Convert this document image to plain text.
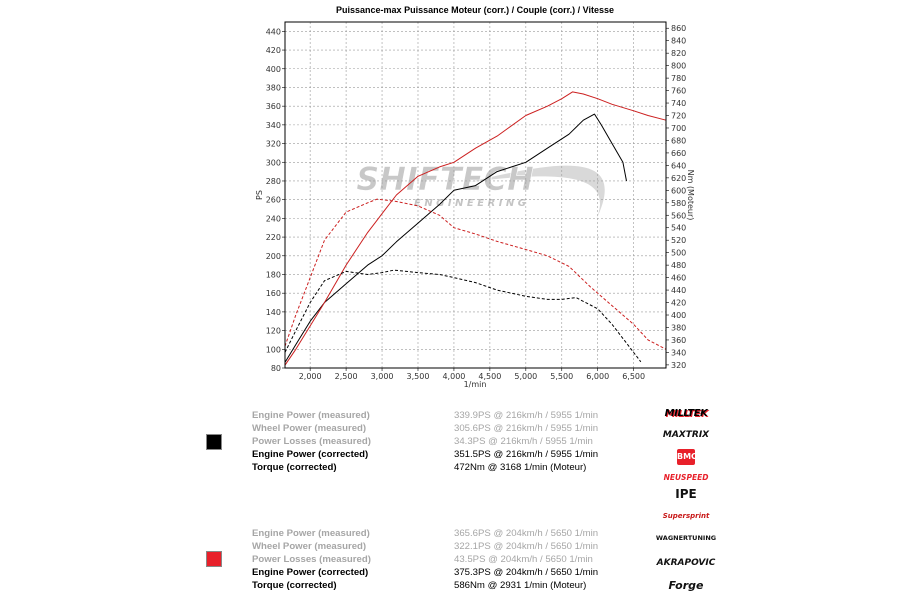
Puissance-max Puissance Moteur (corr.) / Couple (corr.) / Vitesse
SHIFTECH
E N G I N E E R I N G
2,000 2,500 3,000 3,500 4,000 4,500 5,000 5,500 6,000 6,500
80
100
120
140
160
180
200
220
240
260
280
300
320
340
360
380
400
420
440
320
340
360
380
400
420
440
460
480
500
520
540
560
580
600
620
640
660
680
700
720
740
760
780
800
820
840
860
PS	Nm (Moteur)
1/min
Engine Power (measured)	339.9PS @ 216km/h / 5955 1/min
Wheel Power (measured)	305.6PS @ 216km/h / 5955 1/min
Power Losses (measured)	34.3PS @ 216km/h / 5955 1/min
Engine Power (corrected)	351.5PS @ 216km/h / 5955 1/min
Torque (corrected)	472Nm @ 3168 1/min (Moteur)
Engine Power (measured)	365.6PS @ 204km/h / 5650 1/min
Wheel Power (measured)	322.1PS @ 204km/h / 5650 1/min
Power Losses (measured)	43.5PS @ 204km/h / 5650 1/min
Engine Power (corrected)	375.3PS @ 204km/h / 5650 1/min
Torque (corrected)	586Nm @ 2931 1/min (Moteur)
MILLTEK
MAXTRIX
BMC
NEUSPEED
IPE
Supersprint
WAGNERTUNING
AKRAPOVIC
Forge
